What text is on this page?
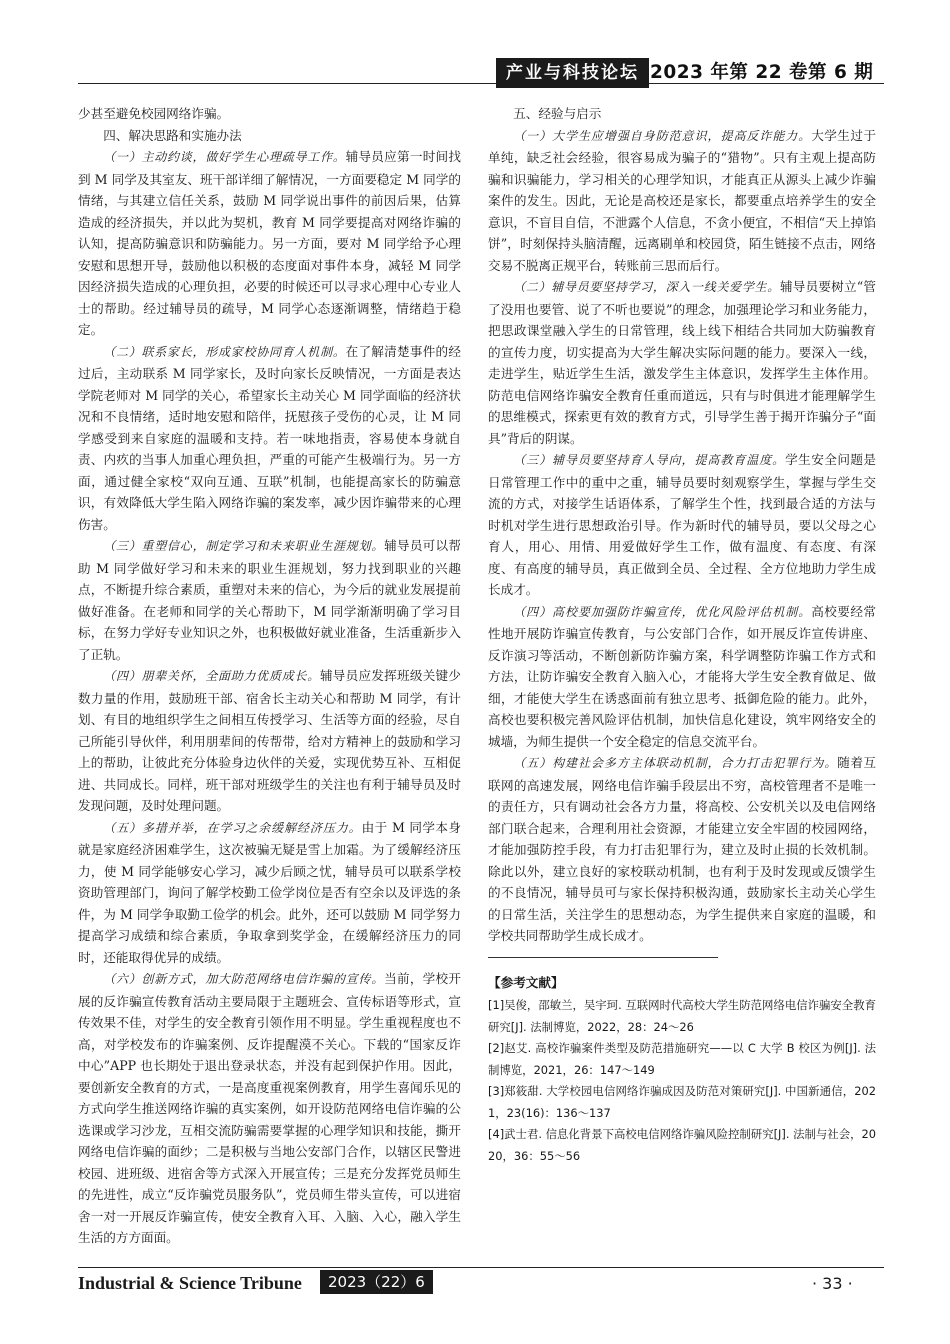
产业与科技论坛 2023 年第 22 卷第 6 期

少甚至避免校园网络诈骗。

四、解决思路和实施办法

（一）主动约谈，做好学生心理疏导工作。辅导员应第一时间找到 M 同学及其室友、班干部详细了解情况，一方面要稳定 M 同学的情绪，与其建立信任关系，鼓励 M 同学说出事件的前因后果，估算造成的经济损失，并以此为契机，教育 M 同学要提高对网络诈骗的认知，提高防骗意识和防骗能力。另一方面，要对 M 同学给予心理安慰和思想开导，鼓励他以积极的态度面对事件本身，减轻 M 同学因经济损失造成的心理负担，必要的时候还可以寻求心理中心专业人士的帮助。经过辅导员的疏导，M 同学心态逐渐调整，情绪趋于稳定。

（二）联系家长，形成家校协同育人机制。在了解清楚事件的经过后，主动联系 M 同学家长，及时向家长反映情况，一方面是表达学院老师对 M 同学的关心，希望家长主动关心 M 同学面临的经济状况和不良情绪，适时地安慰和陪伴，抚慰孩子受伤的心灵，让 M 同学感受到来自家庭的温暖和支持。若一味地指责，容易使本身就自责、内疚的当事人加重心理负担，严重的可能产生极端行为。另一方面，通过健全家校“双向互通、互联”机制，也能提高家长的防骗意识，有效降低大学生陷入网络诈骗的案发率，减少因诈骗带来的心理伤害。

（三）重塑信心，制定学习和未来职业生涯规划。辅导员可以帮助 M 同学做好学习和未来的职业生涯规划，努力找到职业的兴趣点，不断提升综合素质，重塑对未来的信心，为今后的就业发展提前做好准备。在老师和同学的关心帮助下，M 同学渐渐明确了学习目标，在努力学好专业知识之外，也积极做好就业准备，生活重新步入了正轨。

（四）朋辈关怀，全面助力优质成长。辅导员应发挥班级关键少数力量的作用，鼓励班干部、宿舍长主动关心和帮助 M 同学，有计划、有目的地组织学生之间相互传授学习、生活等方面的经验，尽自己所能引导伙伴，利用朋辈间的传帮带，给对方精神上的鼓励和学习上的帮助，让彼此充分体验身边伙伴的关爱，实现优势互补、互相促进、共同成长。同样，班干部对班级学生的关注也有利于辅导员及时发现问题，及时处理问题。

（五）多措并举，在学习之余缓解经济压力。由于 M 同学本身就是家庭经济困难学生，这次被骗无疑是雪上加霜。为了缓解经济压力，使 M 同学能够安心学习，减少后顾之忧，辅导员可以联系学校资助管理部门，询问了解学校勤工俭学岗位是否有空余以及评选的条件，为 M 同学争取勤工俭学的机会。此外，还可以鼓励 M 同学努力提高学习成绩和综合素质，争取拿到奖学金，在缓解经济压力的同时，还能取得优异的成绩。

（六）创新方式，加大防范网络电信诈骗的宣传。当前，学校开展的反诈骗宣传教育活动主要局限于主题班会、宣传标语等形式，宣传效果不佳，对学生的安全教育引领作用不明显。学生重视程度也不高，对学校发布的诈骗案例、反诈提醒漠不关心。下载的“国家反诈中心”APP 也长期处于退出登录状态，并没有起到保护作用。因此，要创新安全教育的方式，一是高度重视案例教育，用学生喜闻乐见的方式向学生推送网络诈骗的真实案例，如开设防范网络电信诈骗的公选课或学习沙龙，互相交流防骗需要掌握的心理学知识和技能，撕开网络电信诈骗的面纱；二是积极与当地公安部门合作，以辖区民警进校园、进班级、进宿舍等方式深入开展宣传；三是充分发挥党员师生的先进性，成立“反诈骗党员服务队”，党员师生带头宣传，可以进宿舍一对一开展反诈骗宣传，使安全教育入耳、入脑、入心，融入学生生活的方方面面。

五、经验与启示

（一）大学生应增强自身防范意识，提高反诈能力。大学生过于单纯，缺乏社会经验，很容易成为骗子的“猎物”。只有主观上提高防骗和识骗能力，学习相关的心理学知识，才能真正从源头上减少诈骗案件的发生。因此，无论是高校还是家长，都要重点培养学生的安全意识，不盲目自信，不泄露个人信息，不贪小便宜，不相信“天上掉馅饼”，时刻保持头脑清醒，远离刷单和校园贷，陌生链接不点击，网络交易不脱离正规平台，转账前三思而后行。

（二）辅导员要坚持学习，深入一线关爱学生。辅导员要树立“管了没用也要管、说了不听也要说”的理念，加强理论学习和业务能力，把思政课堂融入学生的日常管理，线上线下相结合共同加大防骗教育的宣传力度，切实提高为大学生解决实际问题的能力。要深入一线，走进学生，贴近学生生活，激发学生主体意识，发挥学生主体作用。防范电信网络诈骗安全教育任重而道远，只有与时俱进才能理解学生的思维模式，探索更有效的教育方式，引导学生善于揭开诈骗分子“面具”背后的阴谋。

（三）辅导员要坚持育人导向，提高教育温度。学生安全问题是日常管理工作中的重中之重，辅导员要时刻观察学生，掌握与学生交流的方式，对接学生话语体系，了解学生个性，找到最合适的方法与时机对学生进行思想政治引导。作为新时代的辅导员，要以父母之心育人，用心、用情、用爱做好学生工作，做有温度、有态度、有深度、有高度的辅导员，真正做到全员、全过程、全方位地助力学生成长成才。

（四）高校要加强防诈骗宣传，优化风险评估机制。高校要经常性地开展防诈骗宣传教育，与公安部门合作，如开展反诈宣传讲座、反诈演习等活动，不断创新防诈骗方案，科学调整防诈骗工作方式和方法，让防诈骗安全教育入脑入心，才能将大学生安全教育做足、做细，才能使大学生在诱惑面前有独立思考、抵御危险的能力。此外，高校也要积极完善风险评估机制，加快信息化建设，筑牢网络安全的城墙，为师生提供一个安全稳定的信息交流平台。

（五）构建社会多方主体联动机制，合力打击犯罪行为。随着互联网的高速发展，网络电信诈骗手段层出不穷，高校管理者不是唯一的责任方，只有调动社会各方力量，将高校、公安机关以及电信网络部门联合起来，合理利用社会资源，才能建立安全牢固的校园网络，才能加强防控手段，有力打击犯罪行为，建立及时止损的长效机制。除此以外，建立良好的家校联动机制，也有利于及时发现或反馈学生的不良情况，辅导员可与家长保持积极沟通，鼓励家长主动关心学生的日常生活，关注学生的思想动态，为学生提供来自家庭的温暖，和学校共同帮助学生成长成才。

【参考文献】

[1]吴俊，邵敏兰，吴宇珂. 互联网时代高校大学生防范网络电信诈骗安全教育研究[J]. 法制博览，2022，28：24～26

[2]赵艾. 高校诈骗案件类型及防范措施研究——以 C 大学 B 校区为例[J]. 法制博览，2021，26：147～149

[3]郑筱甜. 大学校园电信网络诈骗成因及防范对策研究[J]. 中国新通信，2021，23(16)：136～137

[4]武士君. 信息化背景下高校电信网络诈骗风险控制研究[J]. 法制与社会，2020，36：55～56

Industrial & Science Tribune	2023（22）6	· 33 ·
